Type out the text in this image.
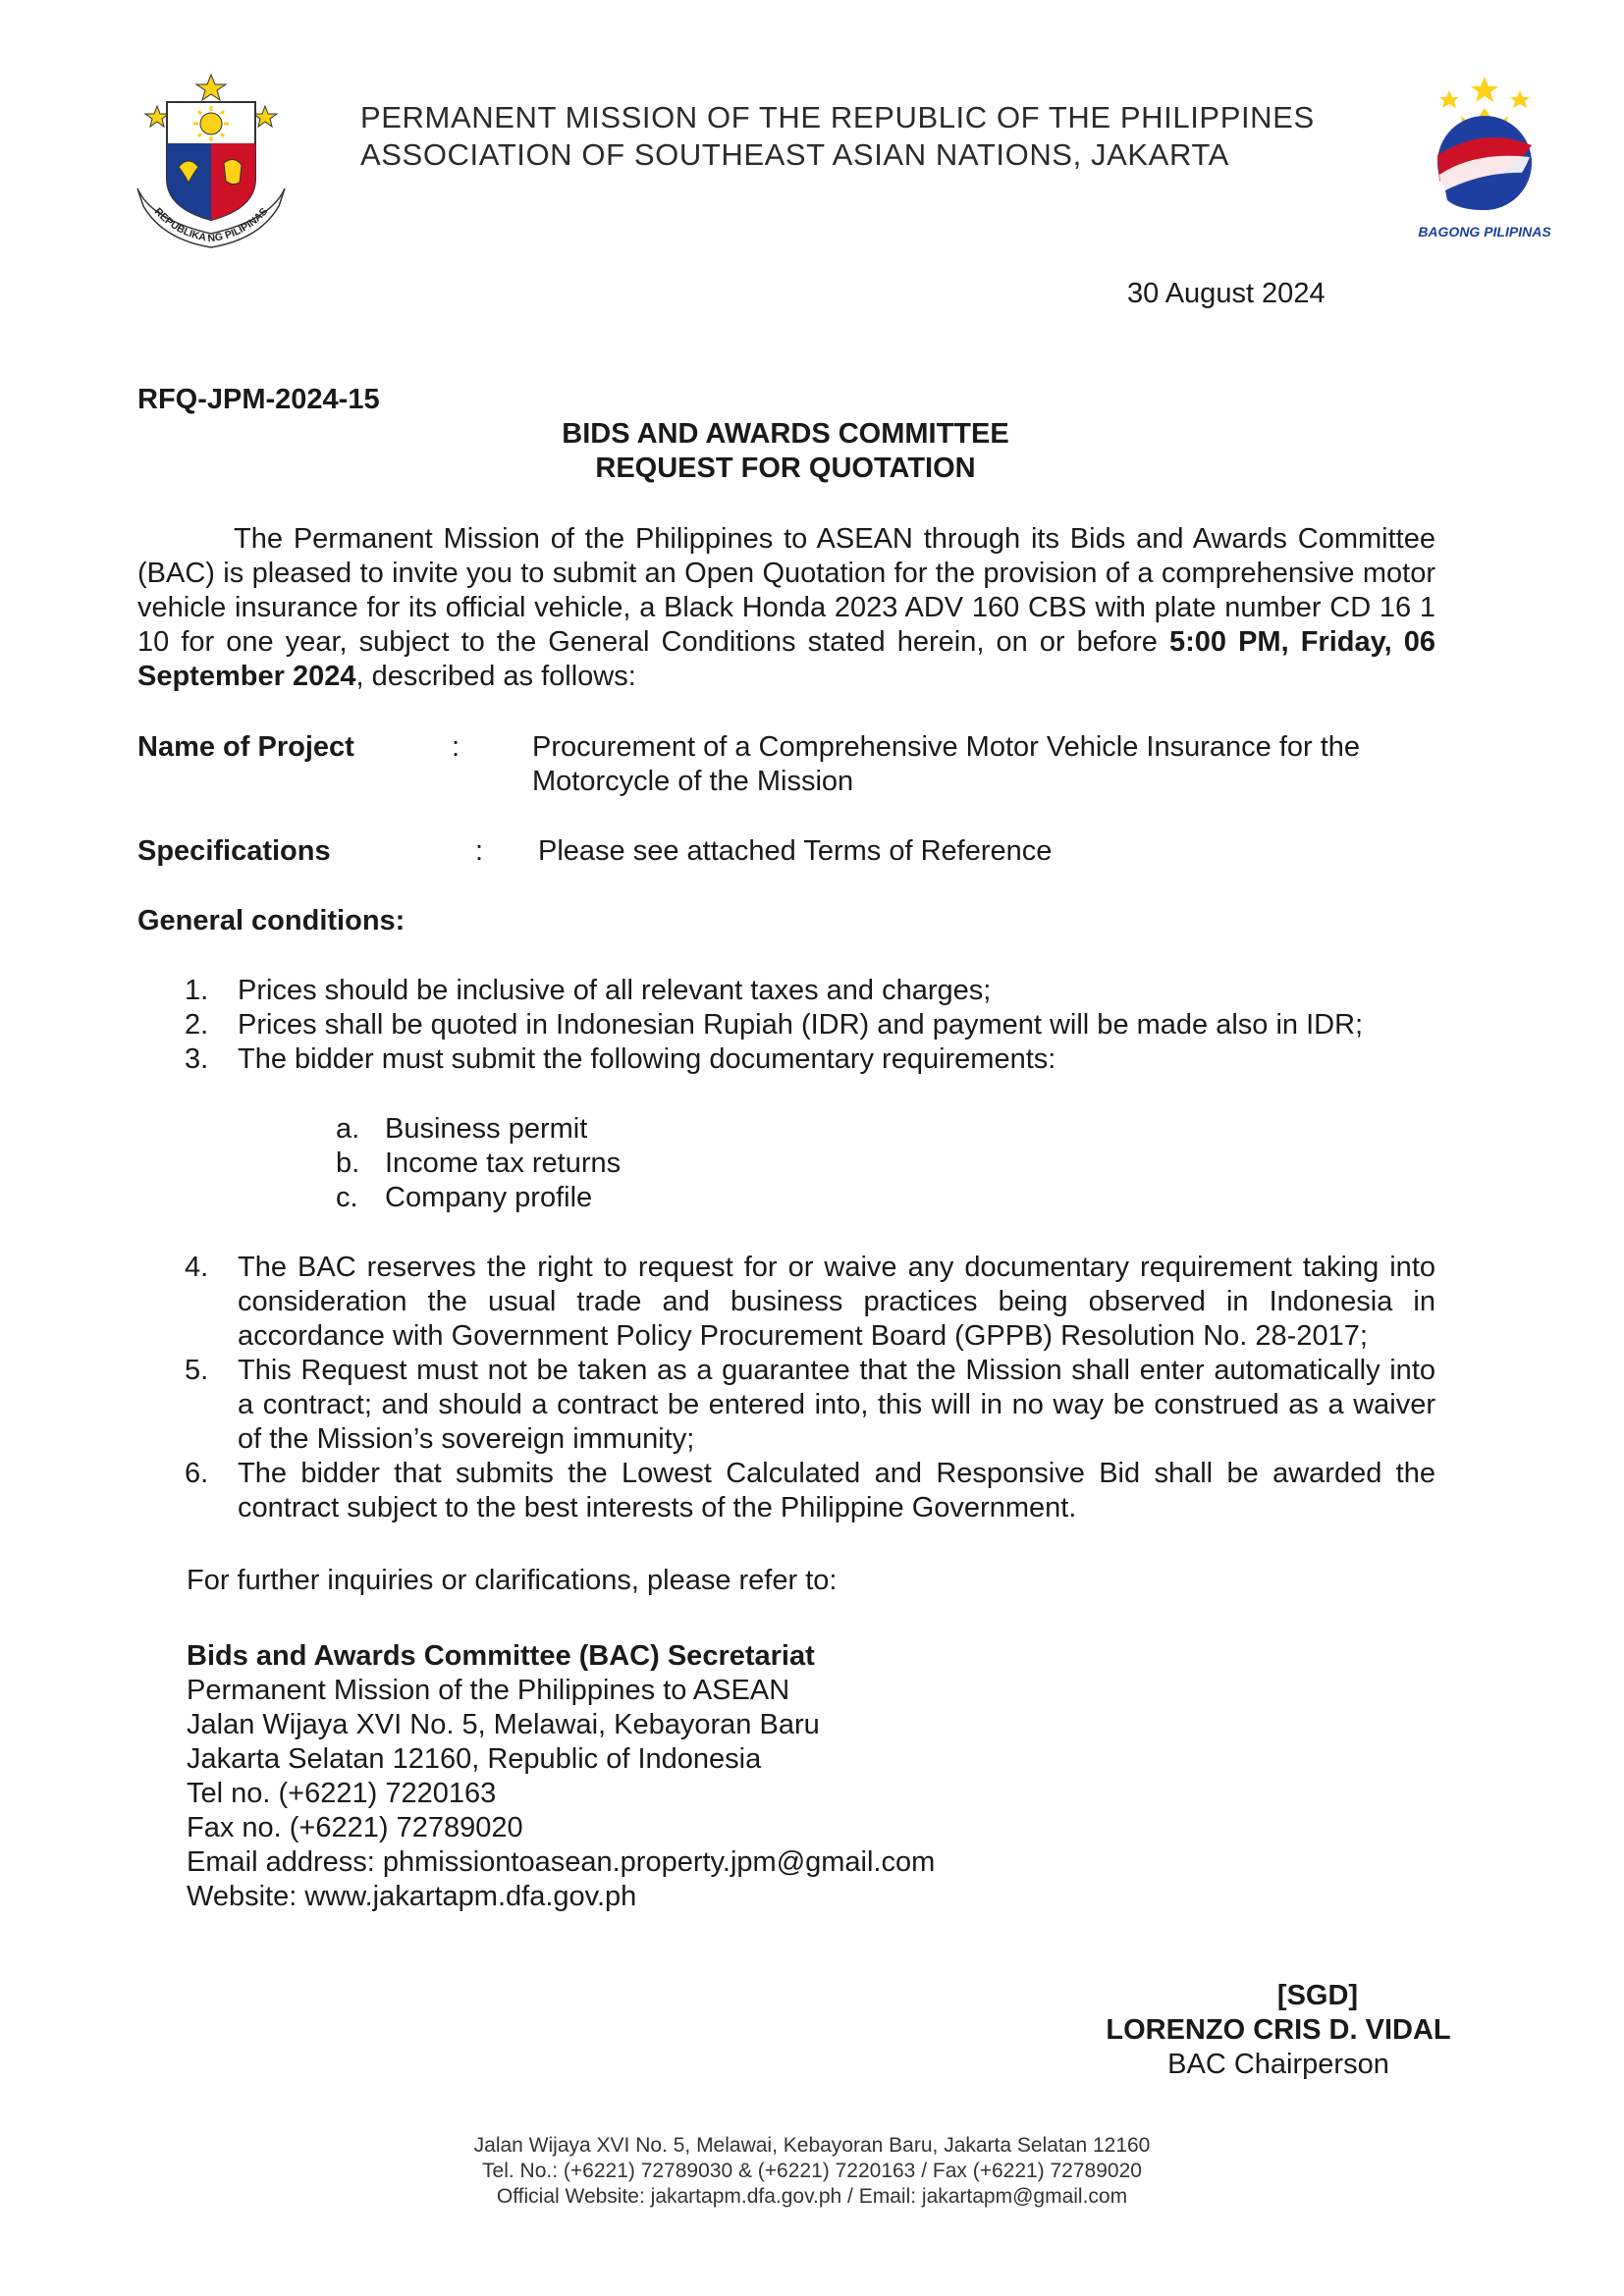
REPUBLIKA NG PILIPINAS
PERMANENT MISSION OF THE REPUBLIC OF THE PHILIPPINES
ASSOCIATION OF SOUTHEAST ASIAN NATIONS, JAKARTA
BAGONG PILIPINAS
30 August 2024
RFQ-JPM-2024-15
BIDS AND AWARDS COMMITTEE
REQUEST FOR QUOTATION

The Permanent Mission of the Philippines to ASEAN through its Bids and Awards Committee (BAC) is pleased to invite you to submit an Open Quotation for the provision of a comprehensive motor vehicle insurance for its official vehicle, a Black Honda 2023 ADV 160 CBS with plate number CD 16 1 10 for one year, subject to the General Conditions stated herein, on or before 5:00 PM, Friday, 06 September 2024, described as follows:

Name of Project	:	Procurement of a Comprehensive Motor Vehicle Insurance for the
Motorcycle of the Mission
Specifications	: Please see attached Terms of Reference
General conditions:
1.	Prices should be inclusive of all relevant taxes and charges;
2.	Prices shall be quoted in Indonesian Rupiah (IDR) and payment will be made also in IDR;
3.	The bidder must submit the following documentary requirements:
a. Business permit
b. Income tax returns
c. Company profile
4.	The BAC reserves the right to request for or waive any documentary requirement taking into consideration the usual trade and business practices being observed in Indonesia in accordance with Government Policy Procurement Board (GPPB) Resolution No. 28-2017;
5.	This Request must not be taken as a guarantee that the Mission shall enter automatically into a contract; and should a contract be entered into, this will in no way be construed as a waiver of the Mission’s sovereign immunity;
6.	The bidder that submits the Lowest Calculated and Responsive Bid shall be awarded the contract subject to the best interests of the Philippine Government.
For further inquiries or clarifications, please refer to:
Bids and Awards Committee (BAC) Secretariat
Permanent Mission of the Philippines to ASEAN
Jalan Wijaya XVI No. 5, Melawai, Kebayoran Baru
Jakarta Selatan 12160, Republic of Indonesia
Tel no. (+6221) 7220163
Fax no. (+6221) 72789020
Email address: phmissiontoasean.property.jpm@gmail.com
Website: www.jakartapm.dfa.gov.ph
[SGD]
LORENZO CRIS D. VIDAL
BAC Chairperson
Jalan Wijaya XVI No. 5, Melawai, Kebayoran Baru, Jakarta Selatan 12160
Tel. No.: (+6221) 72789030 & (+6221) 7220163 / Fax (+6221) 72789020
Official Website: jakartapm.dfa.gov.ph / Email: jakartapm@gmail.com
